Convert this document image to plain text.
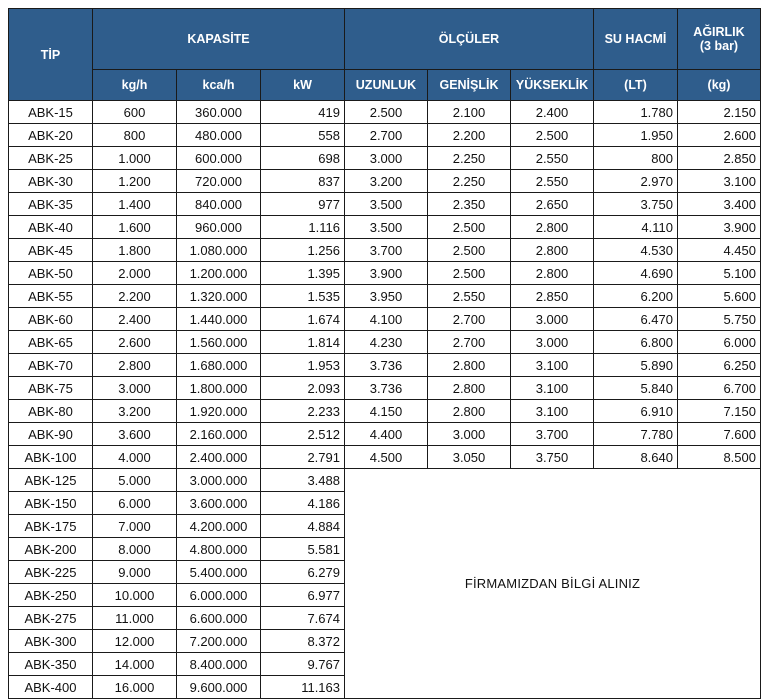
TİP	KAPASİTE			ÖLÇÜLER			SU HACMİ	AĞIRLIK
(3 bar)
	kg/h	kca/h	kW	UZUNLUK	GENİŞLİK	YÜKSEKLİK	(LT)	(kg)
ABK-15	600	360.000	419	2.500	2.100	2.400	1.780	2.150
ABK-20	800	480.000	558	2.700	2.200	2.500	1.950	2.600
ABK-25	1.000	600.000	698	3.000	2.250	2.550	800	2.850
ABK-30	1.200	720.000	837	3.200	2.250	2.550	2.970	3.100
ABK-35	1.400	840.000	977	3.500	2.350	2.650	3.750	3.400
ABK-40	1.600	960.000	1.116	3.500	2.500	2.800	4.110	3.900
ABK-45	1.800	1.080.000	1.256	3.700	2.500	2.800	4.530	4.450
ABK-50	2.000	1.200.000	1.395	3.900	2.500	2.800	4.690	5.100
ABK-55	2.200	1.320.000	1.535	3.950	2.550	2.850	6.200	5.600
ABK-60	2.400	1.440.000	1.674	4.100	2.700	3.000	6.470	5.750
ABK-65	2.600	1.560.000	1.814	4.230	2.700	3.000	6.800	6.000
ABK-70	2.800	1.680.000	1.953	3.736	2.800	3.100	5.890	6.250
ABK-75	3.000	1.800.000	2.093	3.736	2.800	3.100	5.840	6.700
ABK-80	3.200	1.920.000	2.233	4.150	2.800	3.100	6.910	7.150
ABK-90	3.600	2.160.000	2.512	4.400	3.000	3.700	7.780	7.600
ABK-100	4.000	2.400.000	2.791	4.500	3.050	3.750	8.640	8.500
ABK-125	5.000	3.000.000	3.488	FİRMAMIZDAN BİLGİ ALINIZ				
ABK-150	6.000	3.600.000	4.186					
ABK-175	7.000	4.200.000	4.884					
ABK-200	8.000	4.800.000	5.581					
ABK-225	9.000	5.400.000	6.279					
ABK-250	10.000	6.000.000	6.977					
ABK-275	11.000	6.600.000	7.674					
ABK-300	12.000	7.200.000	8.372					
ABK-350	14.000	8.400.000	9.767					
ABK-400	16.000	9.600.000	11.163					
